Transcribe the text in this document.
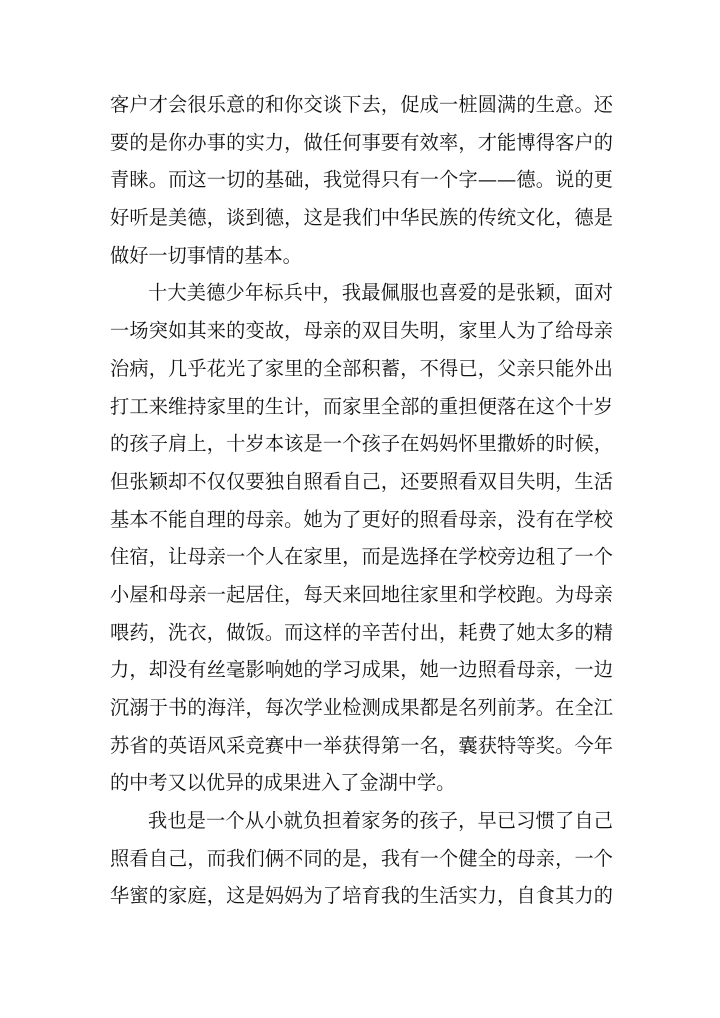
客户才会很乐意的和你交谈下去，促成一桩圆满的生意。还
要的是你办事的实力，做任何事要有效率，才能博得客户的
青睐。而这一切的基础，我觉得只有一个字——德。说的更
好听是美德，谈到德，这是我们中华民族的传统文化，德是
做好一切事情的基本。
十大美德少年标兵中，我最佩服也喜爱的是张颖，面对
一场突如其来的变故，母亲的双目失明，家里人为了给母亲
治病，几乎花光了家里的全部积蓄，不得已，父亲只能外出
打工来维持家里的生计，而家里全部的重担便落在这个十岁
的孩子肩上，十岁本该是一个孩子在妈妈怀里撒娇的时候，
但张颖却不仅仅要独自照看自己，还要照看双目失明，生活
基本不能自理的母亲。她为了更好的照看母亲，没有在学校
住宿，让母亲一个人在家里，而是选择在学校旁边租了一个
小屋和母亲一起居住，每天来回地往家里和学校跑。为母亲
喂药，洗衣，做饭。而这样的辛苦付出，耗费了她太多的精
力，却没有丝毫影响她的学习成果，她一边照看母亲，一边
沉溺于书的海洋，每次学业检测成果都是名列前茅。在全江
苏省的英语风采竞赛中一举获得第一名，囊获特等奖。今年
的中考又以优异的成果进入了金湖中学。
我也是一个从小就负担着家务的孩子，早已习惯了自己
照看自己，而我们俩不同的是，我有一个健全的母亲，一个
华蜜的家庭，这是妈妈为了培育我的生活实力，自食其力的
